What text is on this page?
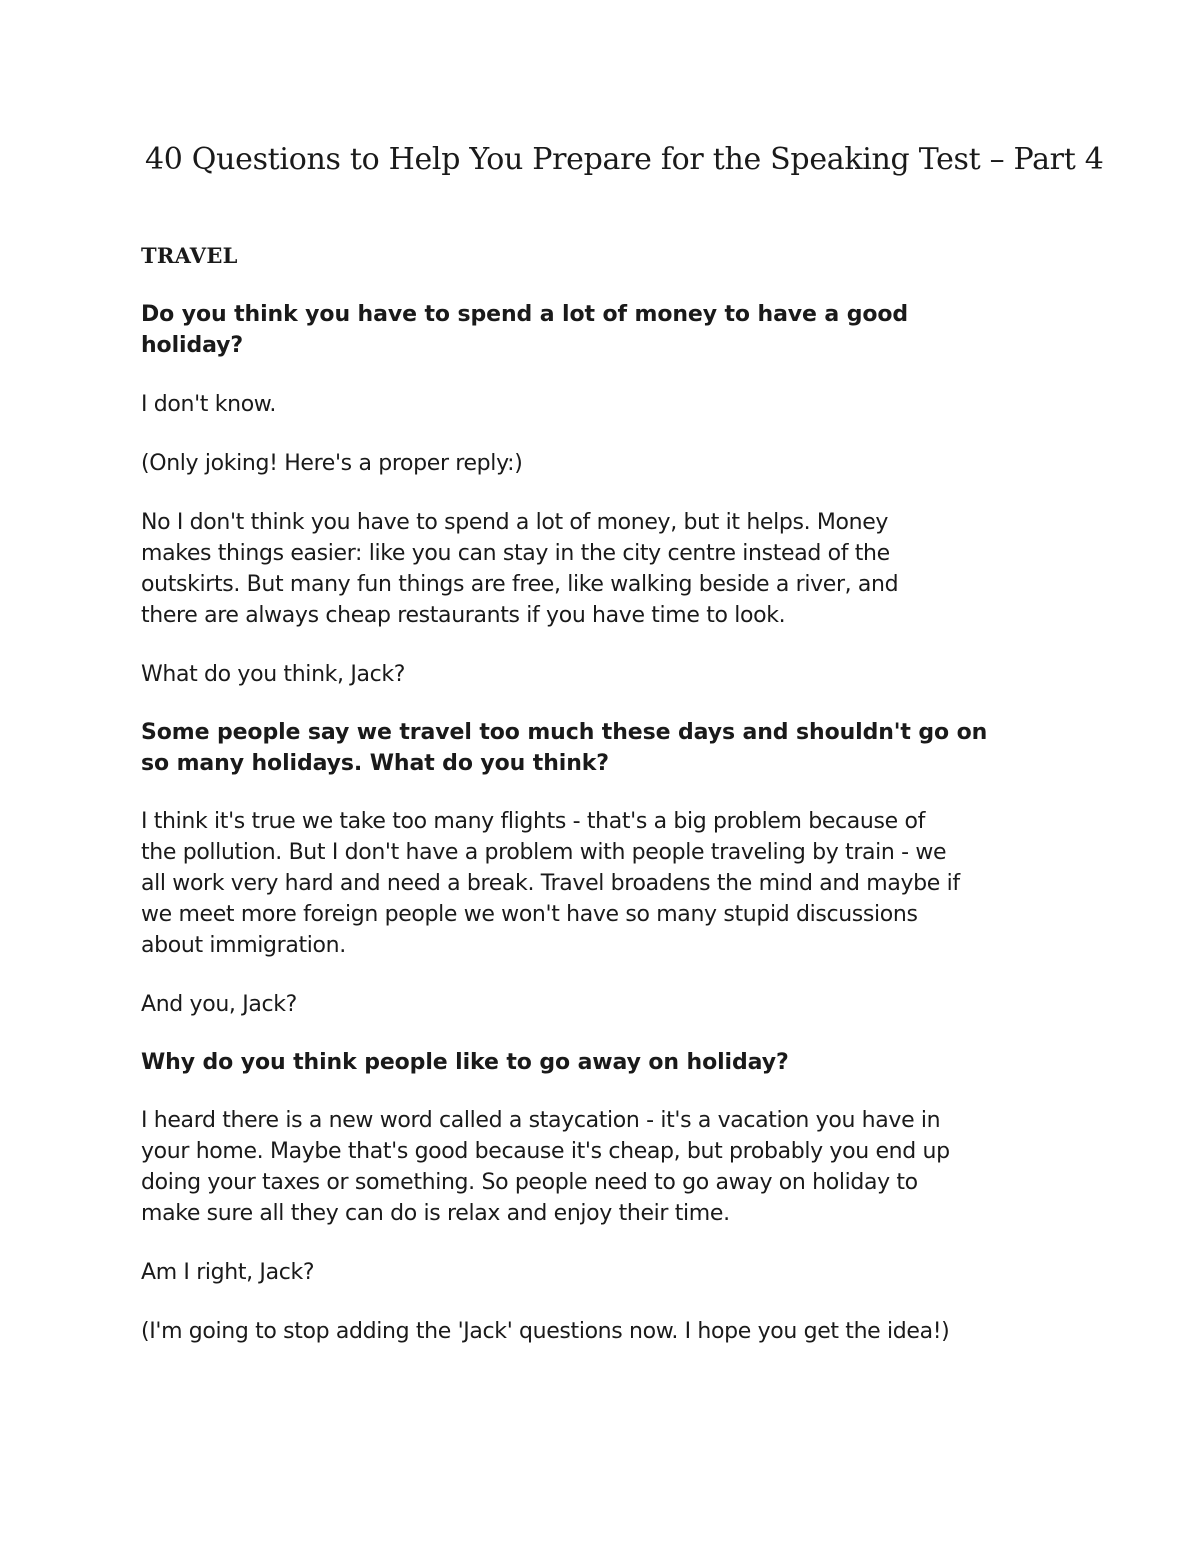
40 Questions to Help You Prepare for the Speaking Test – Part 4
TRAVEL
Do you think you have to spend a lot of money to have a good
holiday?
I don't know.
(Only joking! Here's a proper reply:)
No I don't think you have to spend a lot of money, but it helps. Money
makes things easier: like you can stay in the city centre instead of the
outskirts. But many fun things are free, like walking beside a river, and
there are always cheap restaurants if you have time to look.
What do you think, Jack?
Some people say we travel too much these days and shouldn't go on
so many holidays. What do you think?
I think it's true we take too many flights - that's a big problem because of
the pollution. But I don't have a problem with people traveling by train - we
all work very hard and need a break. Travel broadens the mind and maybe if
we meet more foreign people we won't have so many stupid discussions
about immigration.
And you, Jack?
Why do you think people like to go away on holiday?
I heard there is a new word called a staycation - it's a vacation you have in
your home. Maybe that's good because it's cheap, but probably you end up
doing your taxes or something. So people need to go away on holiday to
make sure all they can do is relax and enjoy their time.
Am I right, Jack?
(I'm going to stop adding the 'Jack' questions now. I hope you get the idea!)
